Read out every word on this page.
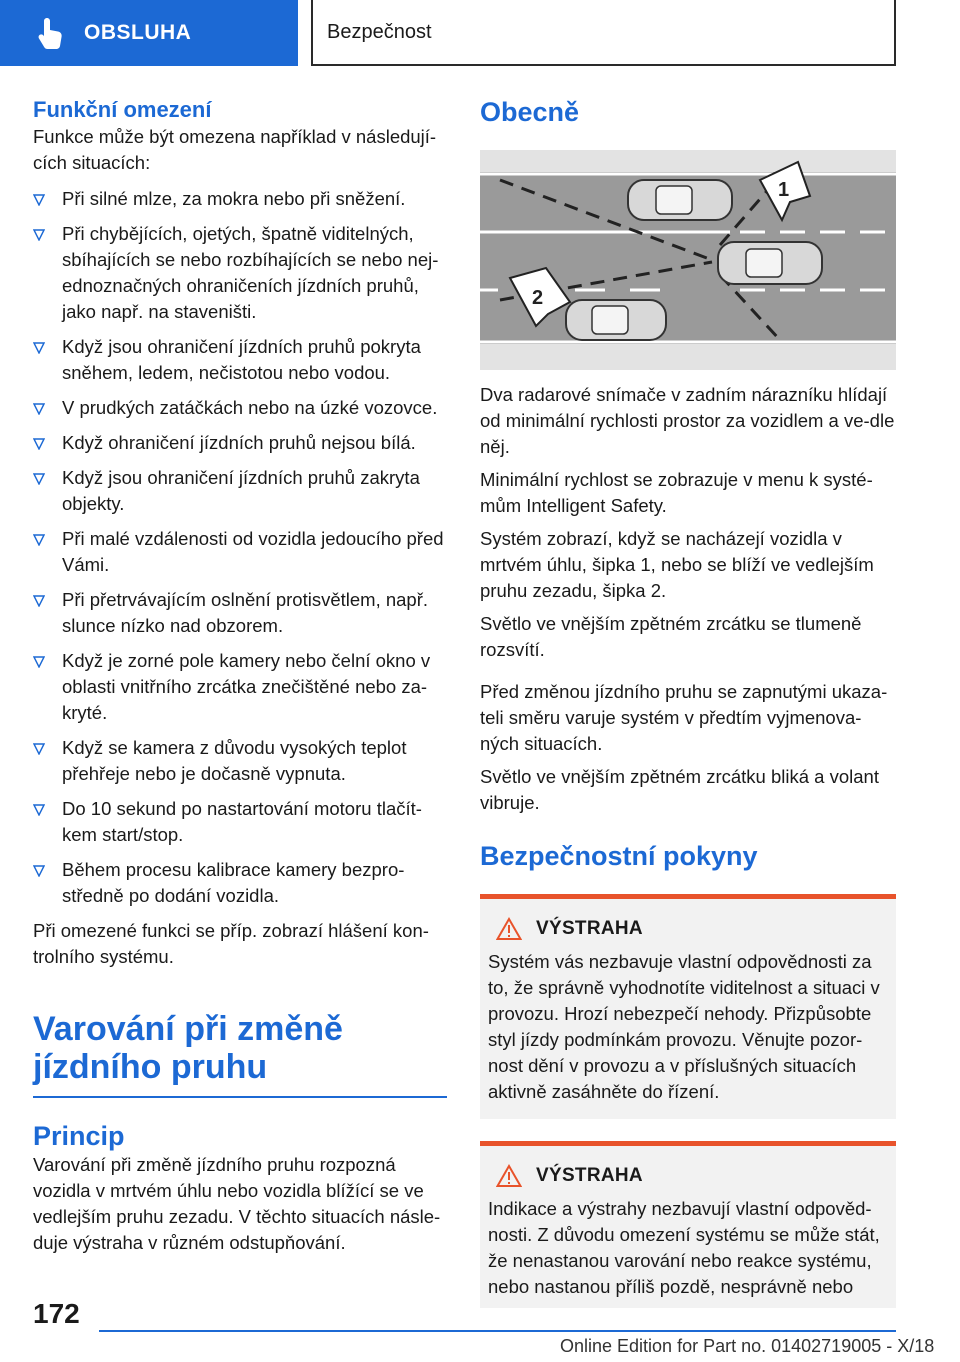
OBSLUHA	Bezpečnost
Funkční omezení

Funkce může být omezena například v následují-cích situacích:

Při silné mlze, za mokra nebo při sněžení.
Při chybějících, ojetých, špatně viditelných, sbíhajících se nebo rozbíhajících se nebo nej-ednoznačných ohraničeních jízdních pruhů, jako např. na staveništi.
Když jsou ohraničení jízdních pruhů pokryta sněhem, ledem, nečistotou nebo vodou.
V prudkých zatáčkách nebo na úzké vozovce.
Když ohraničení jízdních pruhů nejsou bílá.
Když jsou ohraničení jízdních pruhů zakryta objekty.
Při malé vzdálenosti od vozidla jedoucího před Vámi.
Při přetrvávajícím oslnění protisvětlem, např. slunce nízko nad obzorem.
Když je zorné pole kamery nebo čelní okno v oblasti vnitřního zrcátka znečištěné nebo za-kryté.
Když se kamera z důvodu vysokých teplot přehřeje nebo je dočasně vypnuta.
Do 10 sekund po nastartování motoru tlačít-kem start/stop.
Během procesu kalibrace kamery bezpro-středně po dodání vozidla.

Při omezené funkci se příp. zobrazí hlášení kon-trolního systému.

Varování při změně jízdního pruhu
Princip

Varování při změně jízdního pruhu rozpozná vozidla v mrtvém úhlu nebo vozidla blížící se ve vedlejším pruhu zezadu. V těchto situacích násle-duje výstraha v různém odstupňování.

Obecně
1
2

Dva radarové snímače v zadním nárazníku hlídají od minimální rychlosti prostor za vozidlem a ve-dle něj.

Minimální rychlost se zobrazuje v menu k systé-mům Intelligent Safety.

Systém zobrazí, když se nacházejí vozidla v mrtvém úhlu, šipka 1, nebo se blíží ve vedlejším pruhu zezadu, šipka 2.

Světlo ve vnějším zpětném zrcátku se tlumeně rozsvítí.

Před změnou jízdního pruhu se zapnutými ukaza-teli směru varuje systém v předtím vyjmenova-ných situacích.

Světlo ve vnějším zpětném zrcátku bliká a volant vibruje.

Bezpečnostní pokyny
VÝSTRAHA

Systém vás nezbavuje vlastní odpovědnosti za to, že správně vyhodnotíte viditelnost a situaci v provozu. Hrozí nebezpečí nehody. Přizpůsobte styl jízdy podmínkám provozu. Věnujte pozor-nost dění v provozu a v příslušných situacích aktivně zasáhněte do řízení.

VÝSTRAHA

Indikace a výstrahy nezbavují vlastní odpověd-nosti. Z důvodu omezení systému se může stát, že nenastanou varování nebo reakce systému, nebo nastanou příliš pozdě, nesprávně nebo

172
Online Edition for Part no. 01402719005 - X/18
